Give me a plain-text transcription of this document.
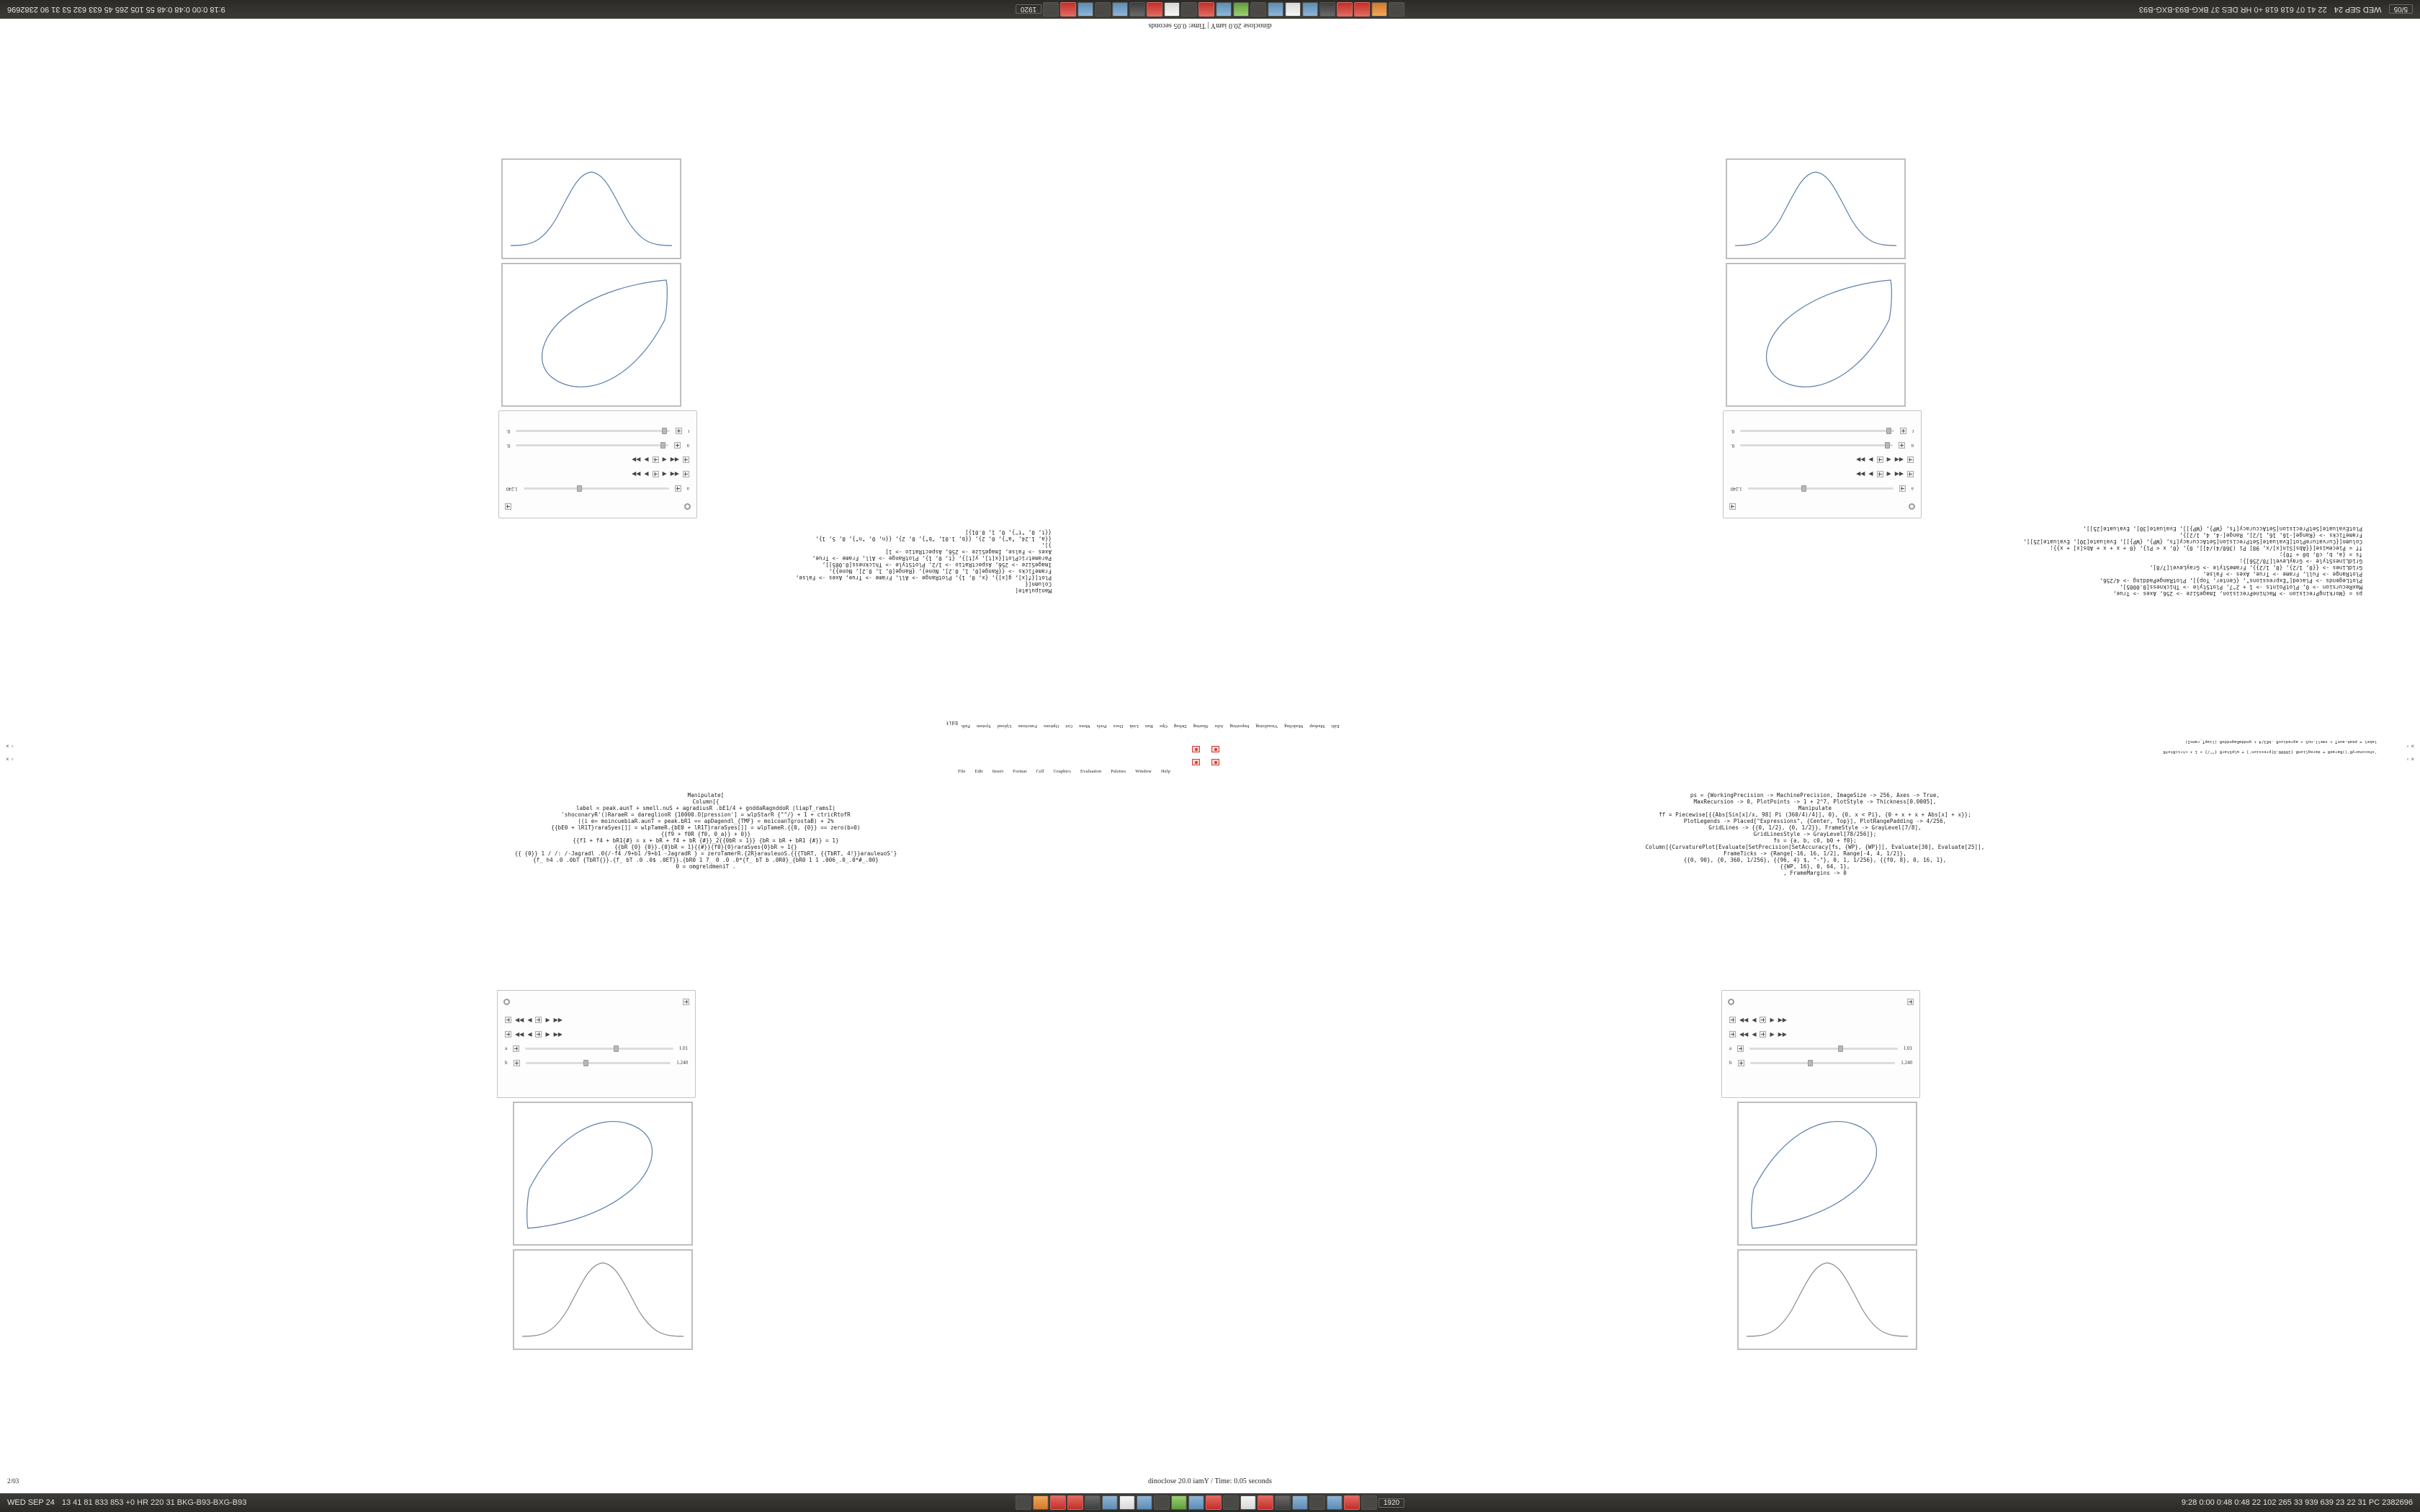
5/05
WED SEP 24
22 41 07 618 618 +0 HR DES 37 BKG-B93-BXG-B93
1920
9:18 0:00 0:48 0:48 55 105 265 45 633 632 53 31 90 2382696
dinoclose 20.0 iamY | Time: 0.05 seconds
a
1.240
◀◀
◀
▶
▶▶
◀◀
◀
▶
▶▶
n
0.
t
0.
a
1.240
◀◀
◀
▶
▶▶
◀◀
◀
▶
▶▶
n
0.
t
0.
Manipulate[
Column[{
Plot[{f[x], g[x]}, {x, 0, 1}, PlotRange -> All, Frame -> True, Axes -> False,
FrameTicks -> {{Range[0, 1, 0.2], None}, {Range[0, 1, 0.2], None}},
ImageSize -> 256, AspectRatio -> 1/2, PlotStyle -> Thickness[0.005]],
ParametricPlot[{x[t], y[t]}, {t, 0, 1}, PlotRange -> All, Frame -> True,
Axes -> False, ImageSize -> 256, AspectRatio -> 1]
}],
{{a, 1.24, "a"}, 0, 2}, {{b, 1.01, "b"}, 0, 2}, {{n, 0, "n"}, 0, 5, 1},
{{t, 0, "t"}, 0, 1, 0.01}]
ps = {WorkingPrecision -> MachinePrecision, ImageSize -> 256, Axes -> True,
MaxRecursion -> 0, PlotPoints -> 1 + 2^7, PlotStyle -> Thickness[0.0005],
PlotLegends -> Placed["Expressions", {Center, Top}], PlotRangePadding -> 4/256,
PlotRange -> Full, Frame -> True, Axes -> False,
GridLines -> {{0, 1/2}, {0, 1/2}}, FrameStyle -> GrayLevel[7/8],
GridLinesStyle -> GrayLevel[78/256]};
fs = {a, b, c0, b0 + f0};
ff = Piecewise[{{Abs[Sin[x]/x, 98] Pi (360/4)/4]], 0}, {0, x < Pi}, {0 + x + x + Abs[x] + x}};
Column[{CurvaturePlot[Evaluate[SetPrecision[SetAccuracy[fs, {WP}, {WP}]], Evaluate[30], Evaluate[25]],
FrameTicks -> {Range[-16, 16, 1/2], Range[-4, 4, 1/2]},
PlotEvaluate[SetPrecision[SetAccuracy[fs, {WP}, {WP}]], Evaluate[30], Evaluate[25]],
Edit
Edit
Markup
Modeling
Visualizing
Importing
Jobs
Sharing
Debug
Ops
Run
Link
Docs
Prefs
Menu
Get
Options
Functions
Upload
System
Path
label = peak.aunT + smell.nuS + agradiusR .bE1/4 + gnddaRagnddoR (liapT_ramsI)
'shoconaryR'()RaraeR = dareglionR {10000.O[pression'] = wlpStarR {""/} + 1 + ctricRtofR
File Edit Insert Format Cell Graphics Evaluation Palettes Window Help
× ▫
× ▫
▫ ×
▫ ×
Manipulate[
Column[{
label = peak.aunT + smell.nuS + agradiusR .bE1/4 + gnddaRagnddoR (liapT_ramsI)
'shoconaryR'()RaraeR = dareglionR {10000.O[pression'] = wlpStarR {""/} + 1 + ctricRtofR
((i e= moincuebiaR.aunT = peak.bR1 == apDagendl_{TMF} = moicoanTgrostaB) + 2%
{{bE0 + lR1T}raraSyes[]] = wlpTameR.{bE0 + lR1T}raraSyes[]] = wlpTameR.{{0, {0}} == zero(b=0)
{{f9 + f0R {f0, 0_a}} + 0}}
{{f1 + f4 + bR1{#} = x + bR + f4 + bR {#}}_2{{0bR = 1}} {bR = bR + bR1 {#}} = 1}
{{bR {0} {0}}.{0}bR = 1}{{#}}{f0}{0}raraSyes{0}bR = 1{}
{{ {0}} 1 / /: /-Jagradl .0{/-f4 /9+b1 /9+b1 -JagradR } = zeroTamerR.{2R}arauleuoS.{{{TbRT, {{TbRT, 4!}}arauleuoS'}
{f_ h4 .0 .0bT {TbRT{}}.{f_ bT .0 .0$ .0ET}}.{bR0 1 7_ 0 .0 .0*{f_ bT b .0R0}_{bR0 1 1 .006_.0_.0*#_.00}
0 = omgreldmeniT .
ps = {WorkingPrecision -> MachinePrecision, ImageSize -> 256, Axes -> True,
MaxRecursion -> 0, PlotPoints -> 1 + 2^7, PlotStyle -> Thickness[0.0005],
Manipulate
ff = Piecewise[{{Abs[Sin[x]/x, 98] Pi (360/4)/4]], 0}, {0, x < Pi}, {0 + x + x + Abs[x] + x}};
PlotLegends -> Placed["Expressions", {Center, Top}], PlotRangePadding -> 4/256,
GridLines -> {{0, 1/2}, {0, 1/2}}, FrameStyle -> GrayLevel[7/8],
GridLinesStyle -> GrayLevel[78/256]};
fs = {a, b, c0, b0 + f0};
Column[{CurvaturePlot[Evaluate[SetPrecision[SetAccuracy[fs, {WP}, {WP}]], Evaluate[30], Evaluate[25]],
FrameTicks -> {Range[-16, 16, 1/2], Range[-4, 4, 1/2]},
{{0, 90}, {0, 360, 1/256}, {{96, 4} $, "-"}, 0, 1, 1/256}, {{f0, 8}, 0, 16, 1},
{{WP, 16}, 0, 64, 1},
, FrameMargins -> 0
◀◀ ◀ ▶ ▶▶
◀◀ ◀ ▶ ▶▶
a	1.01
b	1.240
◀◀ ◀ ▶ ▶▶
◀◀ ◀ ▶ ▶▶
a	1.01
b	1.240
dinoclose 20.0 iamY / Time: 0.05 seconds
2/03
WED SEP 24 13 41 81 833 853 +0 HR 220 31 BKG-B93-BXG-B93	1920	9:28 0:00 0:48 0:48 22 102 265 33 939 639 23 22 31 PC 2382696
